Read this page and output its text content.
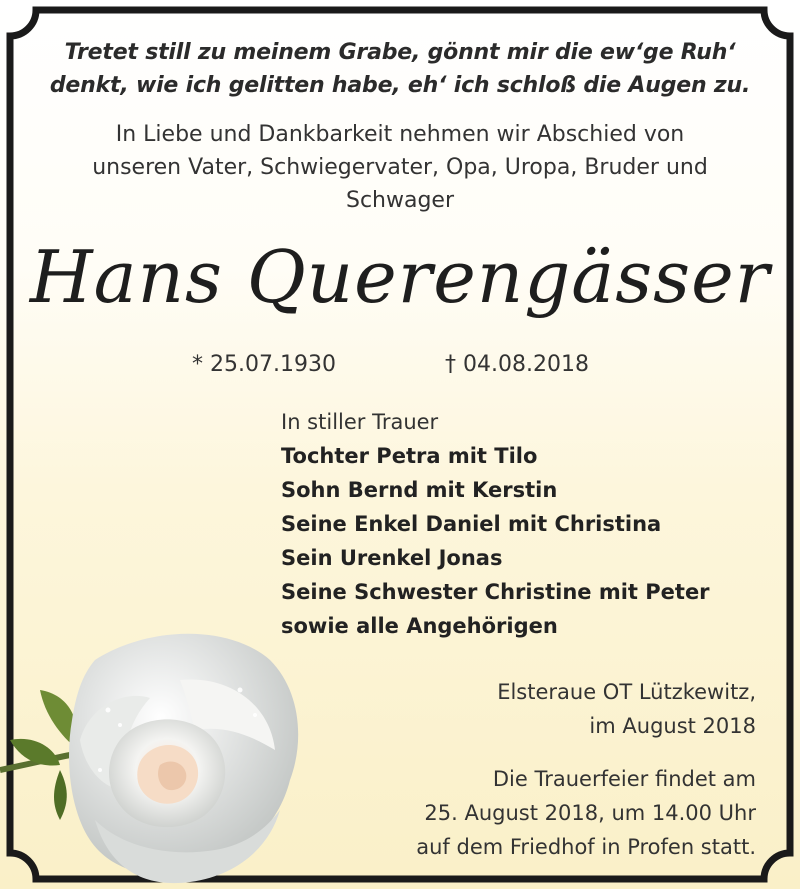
Tretet still zu meinem Grabe, gönnt mir die ew‘ge Ruh‘
denkt, wie ich gelitten habe, eh‘ ich schloß die Augen zu.
In Liebe und Dankbarkeit nehmen wir Abschied von
unseren Vater, Schwiegervater, Opa, Uropa, Bruder und
Schwager
Hans Querengässer
* 25.07.1930	† 04.08.2018
In stiller Trauer
Tochter Petra mit Tilo
Sohn Bernd mit Kerstin
Seine Enkel Daniel mit Christina
Sein Urenkel Jonas
Seine Schwester Christine mit Peter
sowie alle Angehörigen
Elsteraue OT Lützkewitz,
im August 2018
Die Trauerfeier findet am
25. August 2018, um 14.00 Uhr
auf dem Friedhof in Profen statt.
